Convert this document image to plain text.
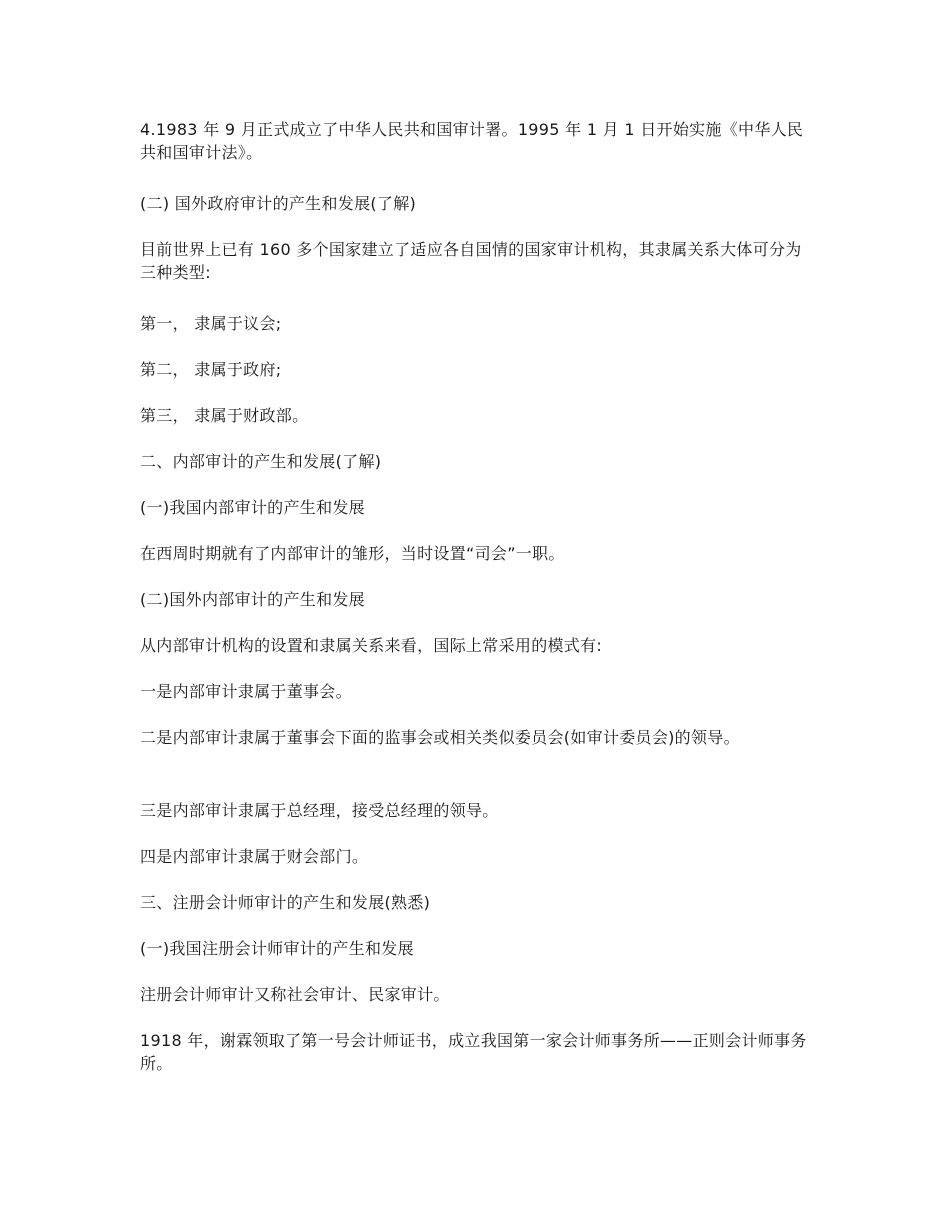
4.1983 年 9 月正式成立了中华人民共和国审计署。1995 年 1 月 1 日开始实施《中华人民共和国审计法》。

(二) 国外政府审计的产生和发展(了解)

目前世界上已有 160 多个国家建立了适应各自国情的国家审计机构，其隶属关系大体可分为三种类型:

第一， 隶属于议会;

第二， 隶属于政府;

第三， 隶属于财政部。

二、内部审计的产生和发展(了解)

(一)我国内部审计的产生和发展

在西周时期就有了内部审计的雏形，当时设置“司会”一职。

(二)国外内部审计的产生和发展

从内部审计机构的设置和隶属关系来看，国际上常采用的模式有:

一是内部审计隶属于董事会。

二是内部审计隶属于董事会下面的监事会或相关类似委员会(如审计委员会)的领导。

三是内部审计隶属于总经理，接受总经理的领导。

四是内部审计隶属于财会部门。

三、注册会计师审计的产生和发展(熟悉)

(一)我国注册会计师审计的产生和发展

注册会计师审计又称社会审计、民家审计。

1918 年，谢霖领取了第一号会计师证书，成立我国第一家会计师事务所——正则会计师事务所。
